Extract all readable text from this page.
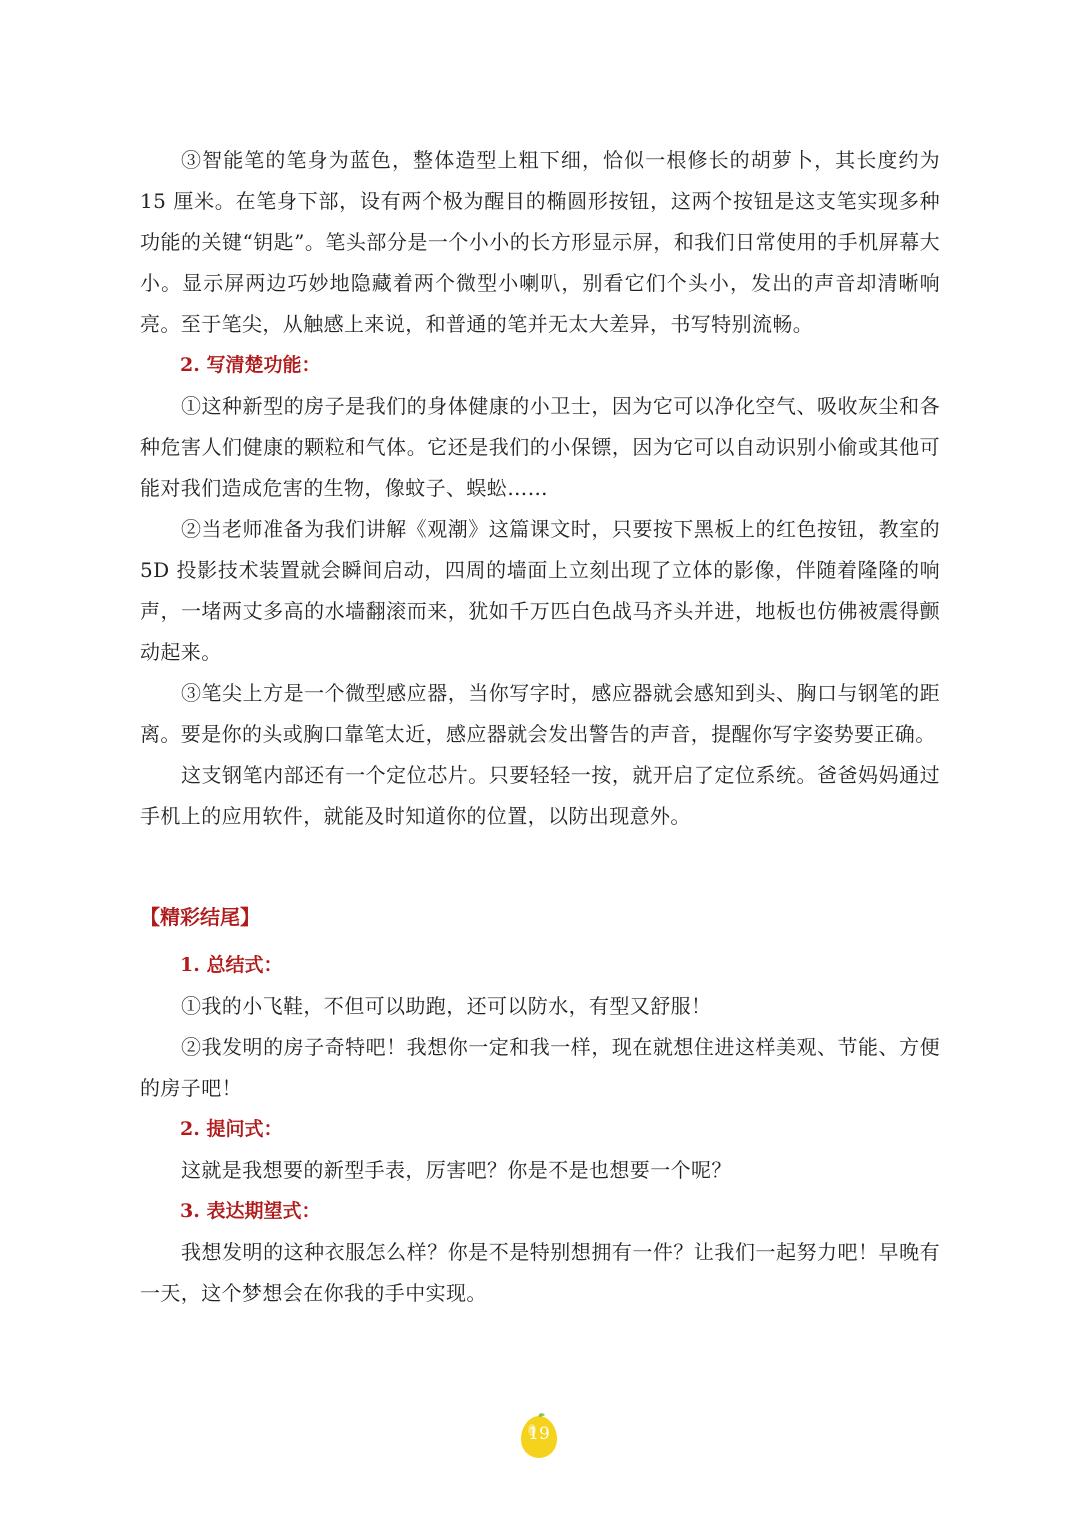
③智能笔的笔身为蓝色，整体造型上粗下细，恰似一根修长的胡萝卜，其长度约为15 厘米。在笔身下部，设有两个极为醒目的椭圆形按钮，这两个按钮是这支笔实现多种功能的关键“钥匙”。笔头部分是一个小小的长方形显示屏，和我们日常使用的手机屏幕大小。显示屏两边巧妙地隐藏着两个微型小喇叭，别看它们个头小，发出的声音却清晰响亮。至于笔尖，从触感上来说，和普通的笔并无太大差异，书写特别流畅。

2. 写清楚功能：

①这种新型的房子是我们的身体健康的小卫士，因为它可以净化空气、吸收灰尘和各种危害人们健康的颗粒和气体。它还是我们的小保镖，因为它可以自动识别小偷或其他可能对我们造成危害的生物，像蚊子、蜈蚣……

②当老师准备为我们讲解《观潮》这篇课文时，只要按下黑板上的红色按钮，教室的 5D 投影技术装置就会瞬间启动，四周的墙面上立刻出现了立体的影像，伴随着隆隆的响声，一堵两丈多高的水墙翻滚而来，犹如千万匹白色战马齐头并进，地板也仿佛被震得颤动起来。

③笔尖上方是一个微型感应器，当你写字时，感应器就会感知到头、胸口与钢笔的距离。要是你的头或胸口靠笔太近，感应器就会发出警告的声音，提醒你写字姿势要正确。

这支钢笔内部还有一个定位芯片。只要轻轻一按，就开启了定位系统。爸爸妈妈通过手机上的应用软件，就能及时知道你的位置，以防出现意外。

【精彩结尾】
1. 总结式：

①我的小飞鞋，不但可以助跑，还可以防水，有型又舒服！

②我发明的房子奇特吧！我想你一定和我一样，现在就想住进这样美观、节能、方便的房子吧！

2. 提问式：

这就是我想要的新型手表，厉害吧？你是不是也想要一个呢？

3. 表达期望式：

我想发明的这种衣服怎么样？你是不是特别想拥有一件？让我们一起努力吧！早晚有一天，这个梦想会在你我的手中实现。

19
